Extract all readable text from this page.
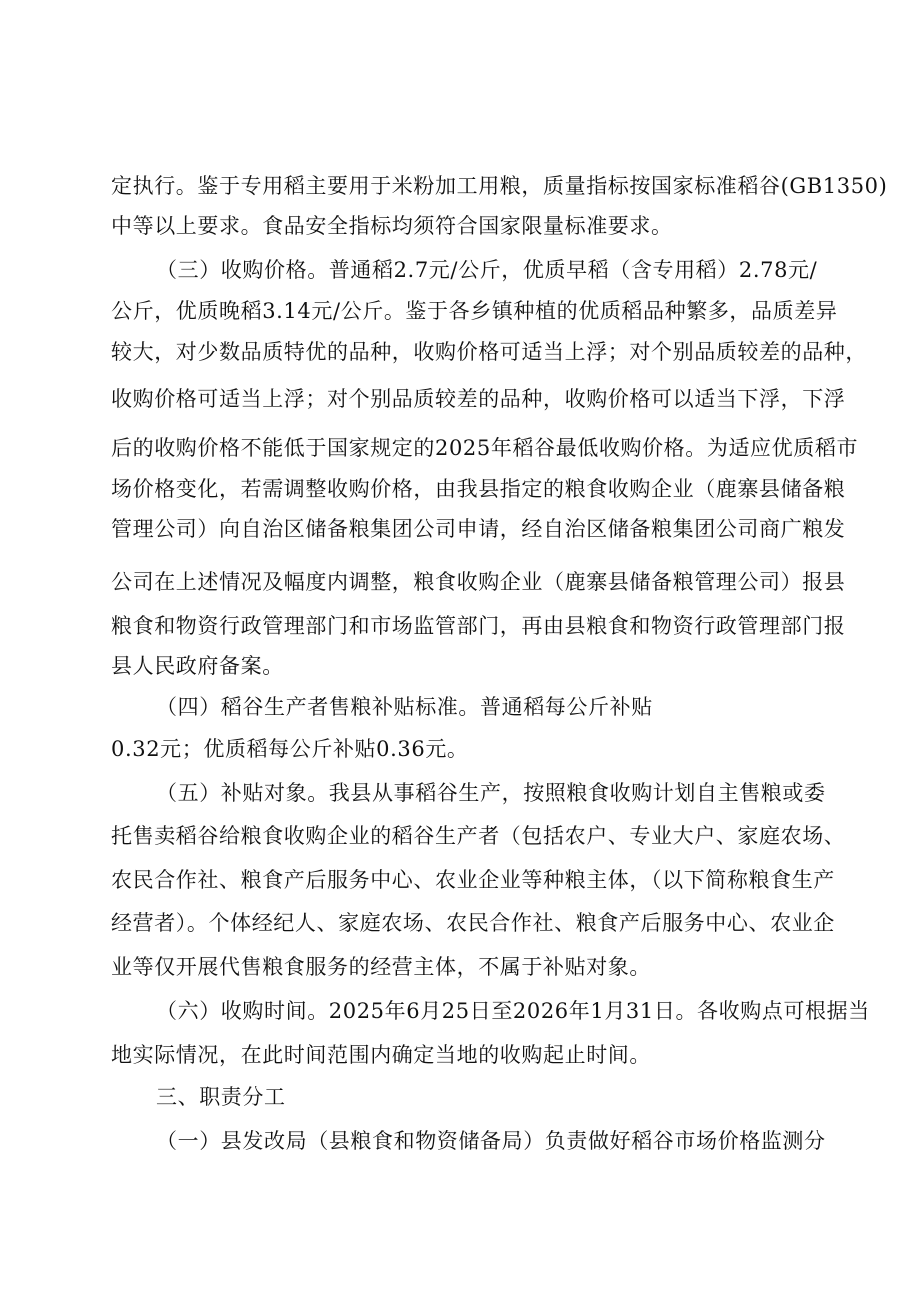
定执行。鉴于专用稻主要用于米粉加工用粮，质量指标按国家标准稻谷(GB1350)
中等以上要求。食品安全指标均须符合国家限量标准要求。
（三）收购价格。普通稻2.7元/公斤，优质早稻（含专用稻）2.78元/
公斤，优质晚稻3.14元/公斤。鉴于各乡镇种植的优质稻品种繁多，品质差异
较大，对少数品质特优的品种，收购价格可适当上浮；对个别品质较差的品种，
收购价格可适当上浮；对个别品质较差的品种，收购价格可以适当下浮，下浮
后的收购价格不能低于国家规定的2025年稻谷最低收购价格。为适应优质稻市
场价格变化，若需调整收购价格，由我县指定的粮食收购企业（鹿寨县储备粮
管理公司）向自治区储备粮集团公司申请，经自治区储备粮集团公司商广粮发
公司在上述情况及幅度内调整，粮食收购企业（鹿寨县储备粮管理公司）报县
粮食和物资行政管理部门和市场监管部门，再由县粮食和物资行政管理部门报
县人民政府备案。
（四）稻谷生产者售粮补贴标准。普通稻每公斤补贴
0.32元；优质稻每公斤补贴0.36元。
（五）补贴对象。我县从事稻谷生产，按照粮食收购计划自主售粮或委
托售卖稻谷给粮食收购企业的稻谷生产者（包括农户、专业大户、家庭农场、
农民合作社、粮食产后服务中心、农业企业等种粮主体，（以下简称粮食生产
经营者）。个体经纪人、家庭农场、农民合作社、粮食产后服务中心、农业企
业等仅开展代售粮食服务的经营主体，不属于补贴对象。
（六）收购时间。2025年6月25日至2026年1月31日。各收购点可根据当
地实际情况，在此时间范围内确定当地的收购起止时间。
三、职责分工
（一）县发改局（县粮食和物资储备局）负责做好稻谷市场价格监测分
